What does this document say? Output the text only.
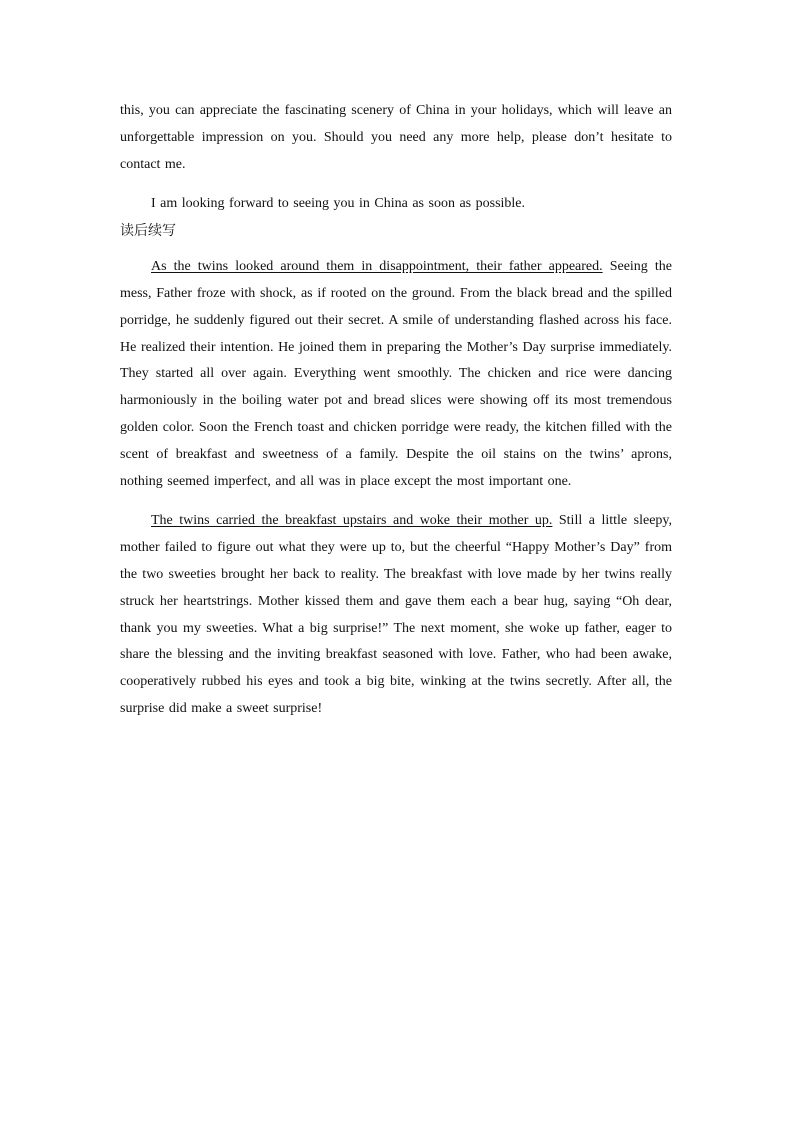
this, you can appreciate the fascinating scenery of China in your holidays, which will leave an unforgettable impression on you. Should you need any more help, please don’t hesitate to contact me.

I am looking forward to seeing you in China as soon as possible.

读后续写

As the twins looked around them in disappointment, their father appeared. Seeing the mess, Father froze with shock, as if rooted on the ground. From the black bread and the spilled porridge, he suddenly figured out their secret. A smile of understanding flashed across his face. He realized their intention. He joined them in preparing the Mother’s Day surprise immediately. They started all over again. Everything went smoothly. The chicken and rice were dancing harmoniously in the boiling water pot and bread slices were showing off its most tremendous golden color. Soon the French toast and chicken porridge were ready, the kitchen filled with the scent of breakfast and sweetness of a family. Despite the oil stains on the twins’ aprons, nothing seemed imperfect, and all was in place except the most important one.

The twins carried the breakfast upstairs and woke their mother up. Still a little sleepy, mother failed to figure out what they were up to, but the cheerful “Happy Mother’s Day” from the two sweeties brought her back to reality. The breakfast with love made by her twins really struck her heartstrings. Mother kissed them and gave them each a bear hug, saying “Oh dear, thank you my sweeties. What a big surprise!” The next moment, she woke up father, eager to share the blessing and the inviting breakfast seasoned with love. Father, who had been awake, cooperatively rubbed his eyes and took a big bite, winking at the twins secretly. After all, the surprise did make a sweet surprise!
